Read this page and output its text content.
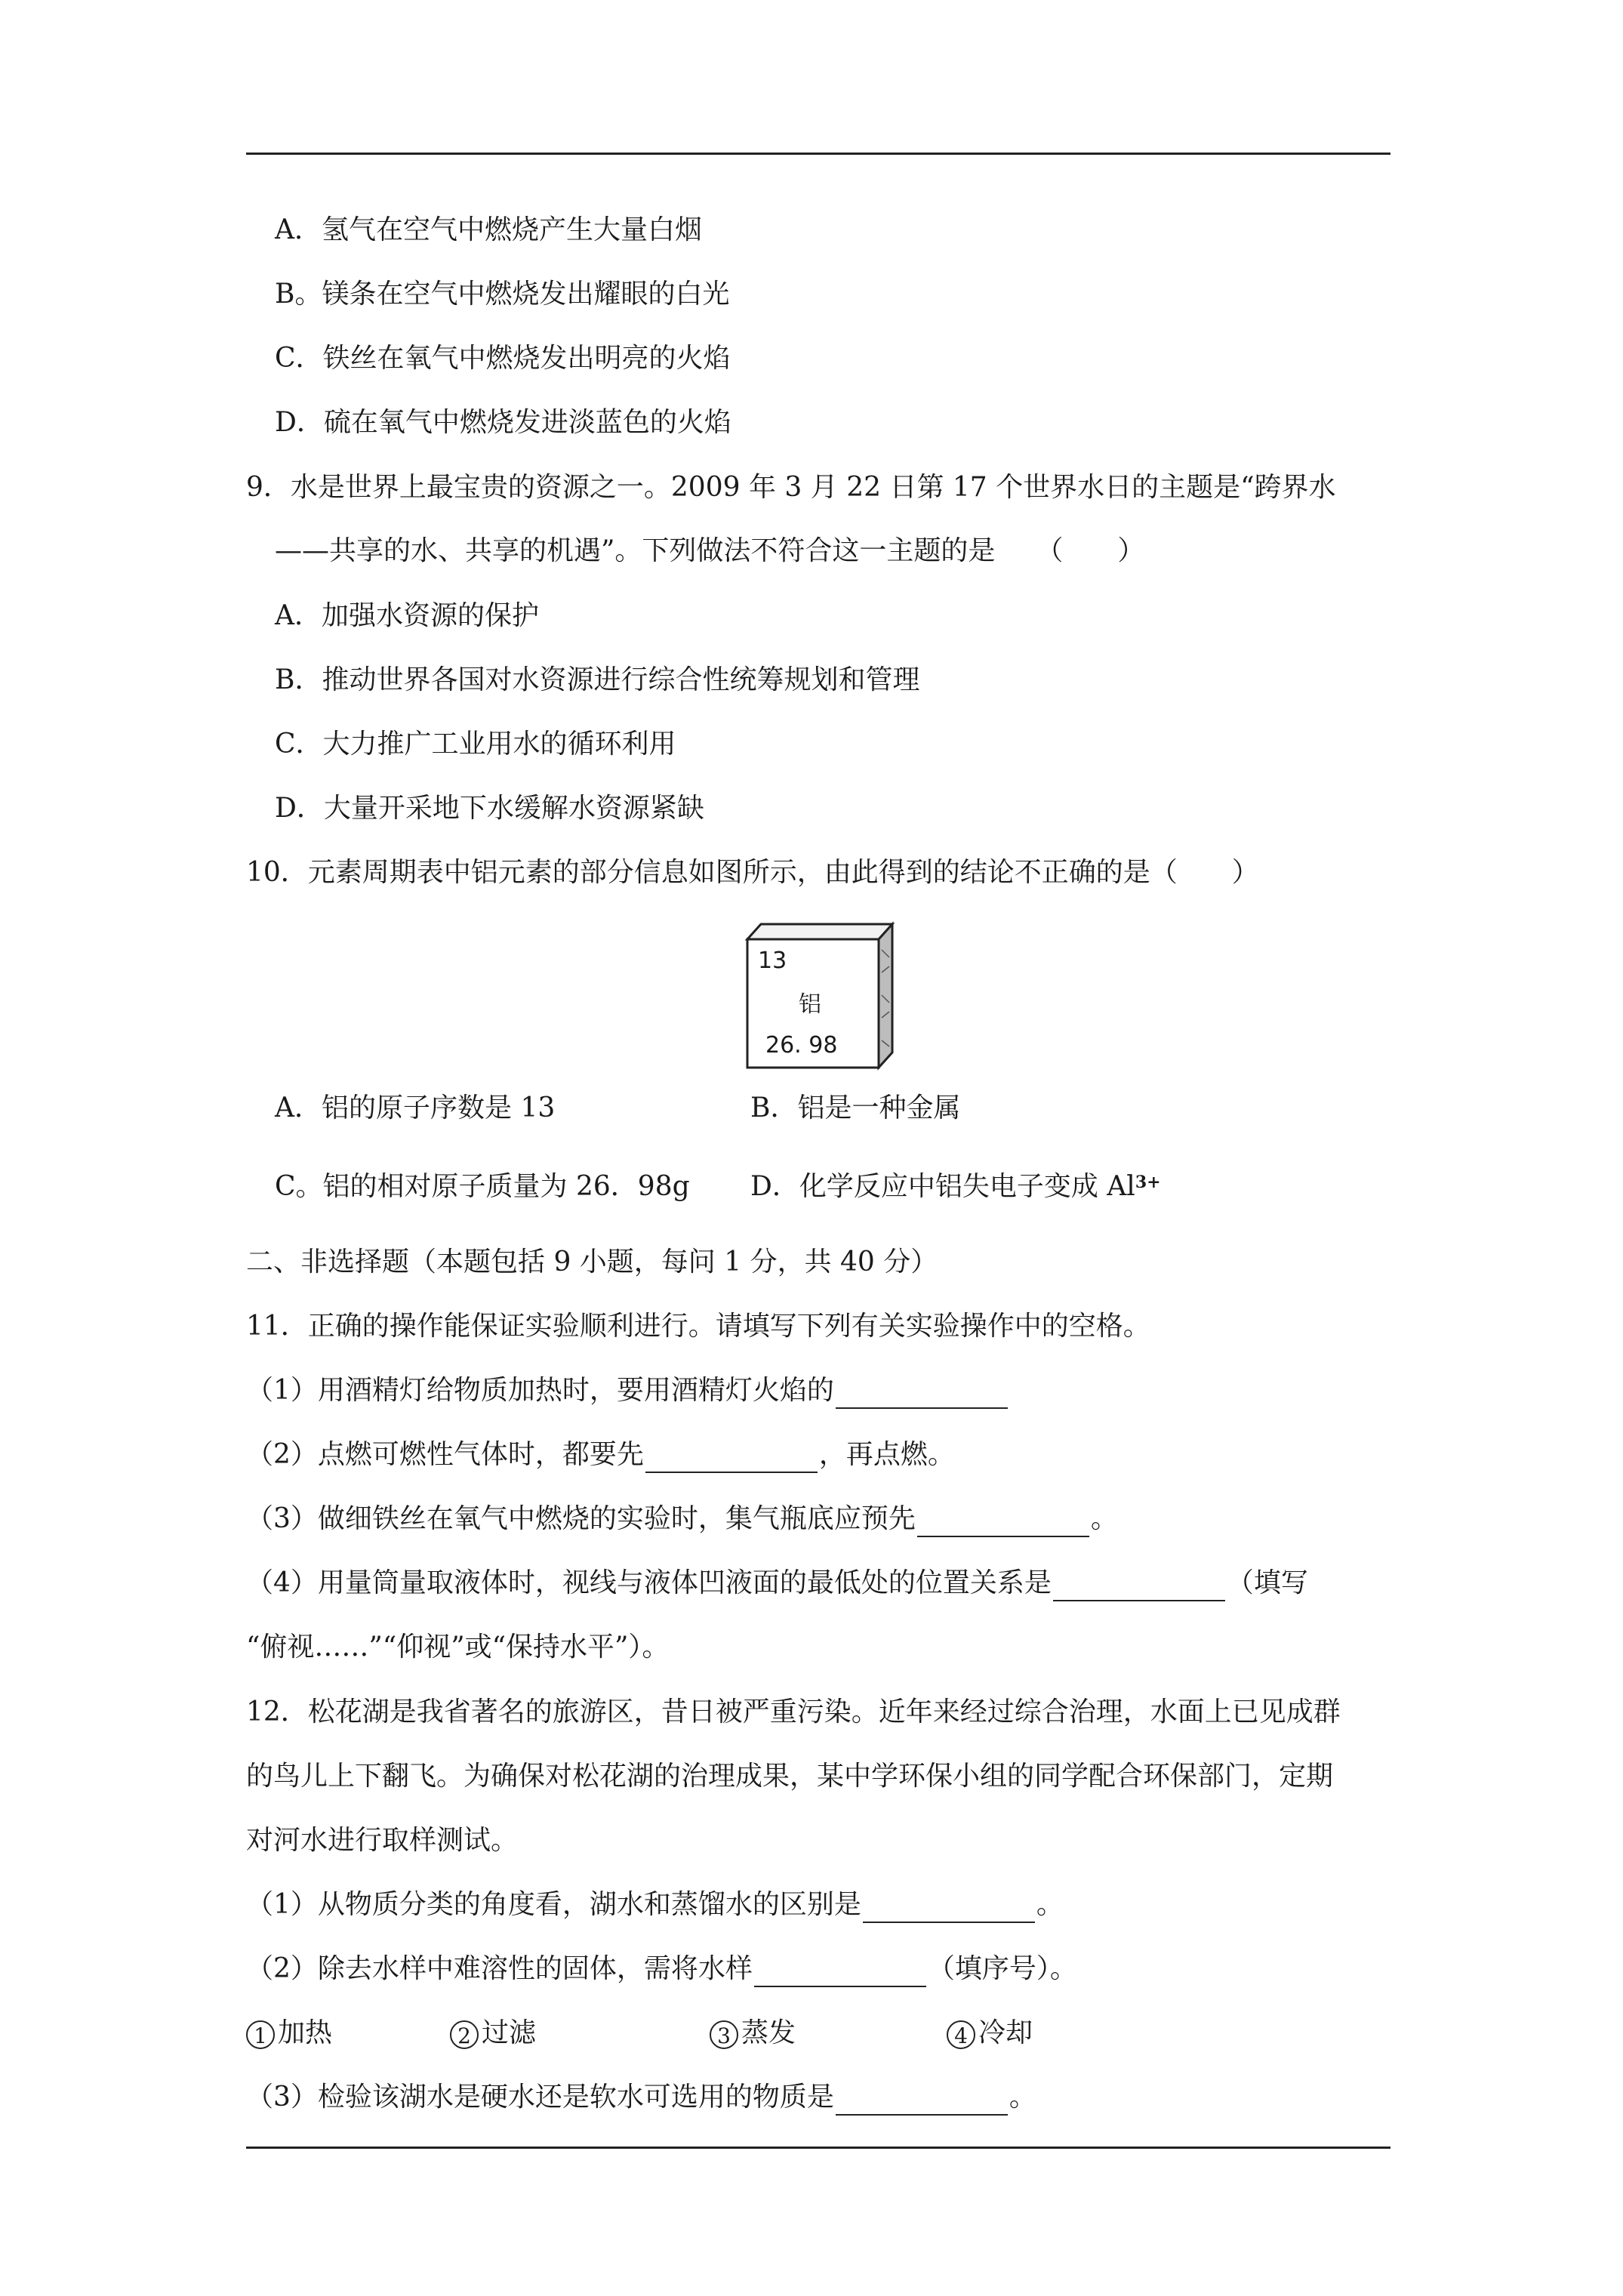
A．氢气在空气中燃烧产生大量白烟
B。镁条在空气中燃烧发出耀眼的白光
C．铁丝在氧气中燃烧发出明亮的火焰
D．硫在氧气中燃烧发进淡蓝色的火焰
9．水是世界上最宝贵的资源之一。2009 年 3 月 22 日第 17 个世界水日的主题是“跨界水
——共享的水、共享的机遇”。下列做法不符合这一主题的是　　（　　）
A．加强水资源的保护
B．推动世界各国对水资源进行综合性统筹规划和管理
C．大力推广工业用水的循环利用
D．大量开采地下水缓解水资源紧缺
10．元素周期表中铝元素的部分信息如图所示，由此得到的结论不正确的是（　　）
13
铝
26. 98
A．铝的原子序数是 13	B．铝是一种金属
C。铝的相对原子质量为 26．98g D．化学反应中铝失电子变成 $Al^{3+}$
二、非选择题（本题包括 9 小题，每问 1 分，共 40 分）
11．正确的操作能保证实验顺利进行。请填写下列有关实验操作中的空格。
（1）用酒精灯给物质加热时，要用酒精灯火焰的
（2）点燃可燃性气体时，都要先	，再点燃。
（3）做细铁丝在氧气中燃烧的实验时，集气瓶底应预先	。
（4）用量筒量取液体时，视线与液体凹液面的最低处的位置关系是	（填写
“俯视……”“仰视”或“保持水平”）。
12．松花湖是我省著名的旅游区，昔日被严重污染。近年来经过综合治理，水面上已见成群
的鸟儿上下翻飞。为确保对松花湖的治理成果，某中学环保小组的同学配合环保部门，定期
对河水进行取样测试。
（1）从物质分类的角度看，湖水和蒸馏水的区别是	。
（2）除去水样中难溶性的固体，需将水样	（填序号）。
1 加热	2 过滤	3 蒸发	4 冷却
（3）检验该湖水是硬水还是软水可选用的物质是	。
